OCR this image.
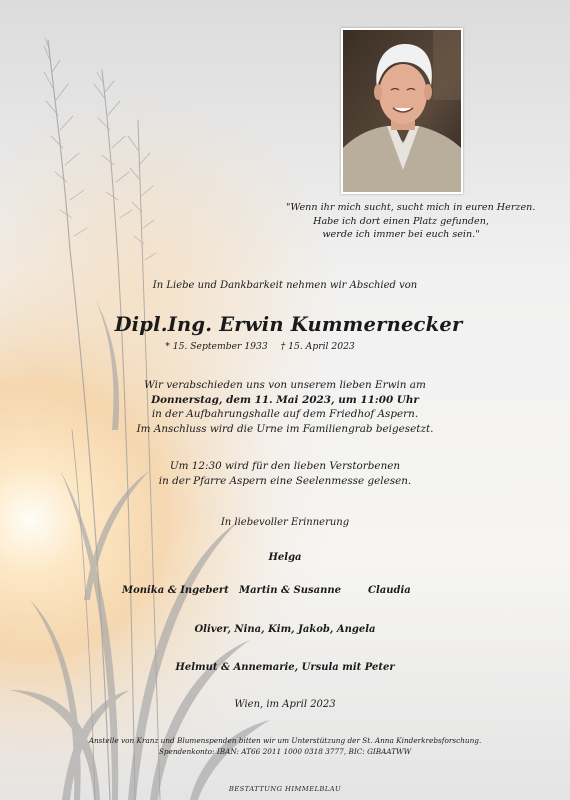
"Wenn ihr mich sucht, sucht mich in euren Herzen.
Habe ich dort einen Platz gefunden,
werde ich immer bei euch sein."
In Liebe und Dankbarkeit nehmen wir Abschied von
Dipl.Ing. Erwin Kummernecker
* 15. September 1933 † 15. April 2023
Wir verabschieden uns von unserem lieben Erwin am
Donnerstag, dem 11. Mai 2023, um 11:00 Uhr
in der Aufbahrungshalle auf dem Friedhof Aspern.
Im Anschluss wird die Urne im Familiengrab beigesetzt.
Um 12:30 wird für den lieben Verstorbenen
in der Pfarre Aspern eine Seelenmesse gelesen.
In liebevoller Erinnerung
Helga
Monika & Ingebert Martin & Susanne	Claudia
Oliver, Nina, Kim, Jakob, Angela
Helmut & Annemarie, Ursula mit Peter
Wien, im April 2023
Anstelle von Kranz und Blumenspenden bitten wir um Unterstützung der St. Anna Kinderkrebsforschung.
Spendenkonto: IBAN: AT66 2011 1000 0318 3777, BIC: GIBAATWW
BESTATTUNG HIMMELBLAU
